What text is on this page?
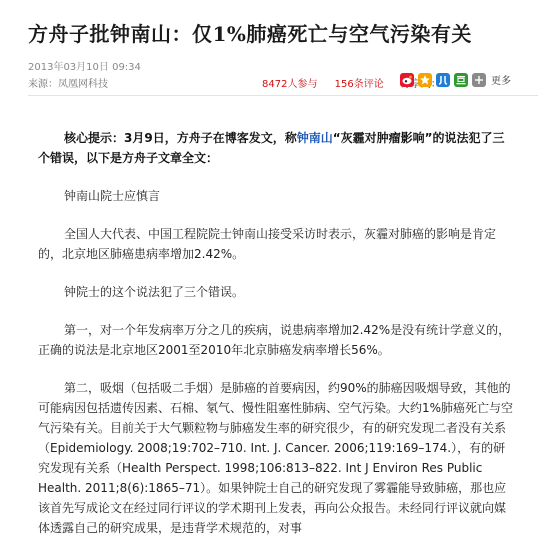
方舟子批钟南山：仅1%肺癌死亡与空气污染有关
2013年03月10日 09:34
来源：凤凰网科技	8472人参与 156条评论	更多

核心提示：3月9日，方舟子在博客发文，称钟南山“灰霾对肿瘤影响”的说法犯了三个错误，以下是方舟子文章全文：

钟南山院士应慎言

全国人大代表、中国工程院院士钟南山接受采访时表示，灰霾对肺癌的影响是肯定的，北京地区肺癌患病率增加2.42%。

钟院士的这个说法犯了三个错误。

第一，对一个年发病率万分之几的疾病，说患病率增加2.42%是没有统计学意义的，正确的说法是北京地区2001至2010年北京肺癌发病率增长56%。

第二，吸烟（包括吸二手烟）是肺癌的首要病因，约90%的肺癌因吸烟导致，其他的可能病因包括遗传因素、石棉、氡气、慢性阻塞性肺病、空气污染。大约1%肺癌死亡与空气污染有关。目前关于大气颗粒物与肺癌发生率的研究很少，有的研究发现二者没有关系（Epidemiology. 2008;19:702–710. Int. J. Cancer. 2006;119:169–174.），有的研究发现有关系（Health Perspect. 1998;106:813–822. Int J Environ Res Public Health. 2011;8(6):1865–71）。如果钟院士自己的研究发现了雾霾能导致肺癌，那也应该首先写成论文在经过同行评议的学术期刊上发表，再向公众报告。未经同行评议就向媒体透露自己的研究成果，是违背学术规范的，对事
